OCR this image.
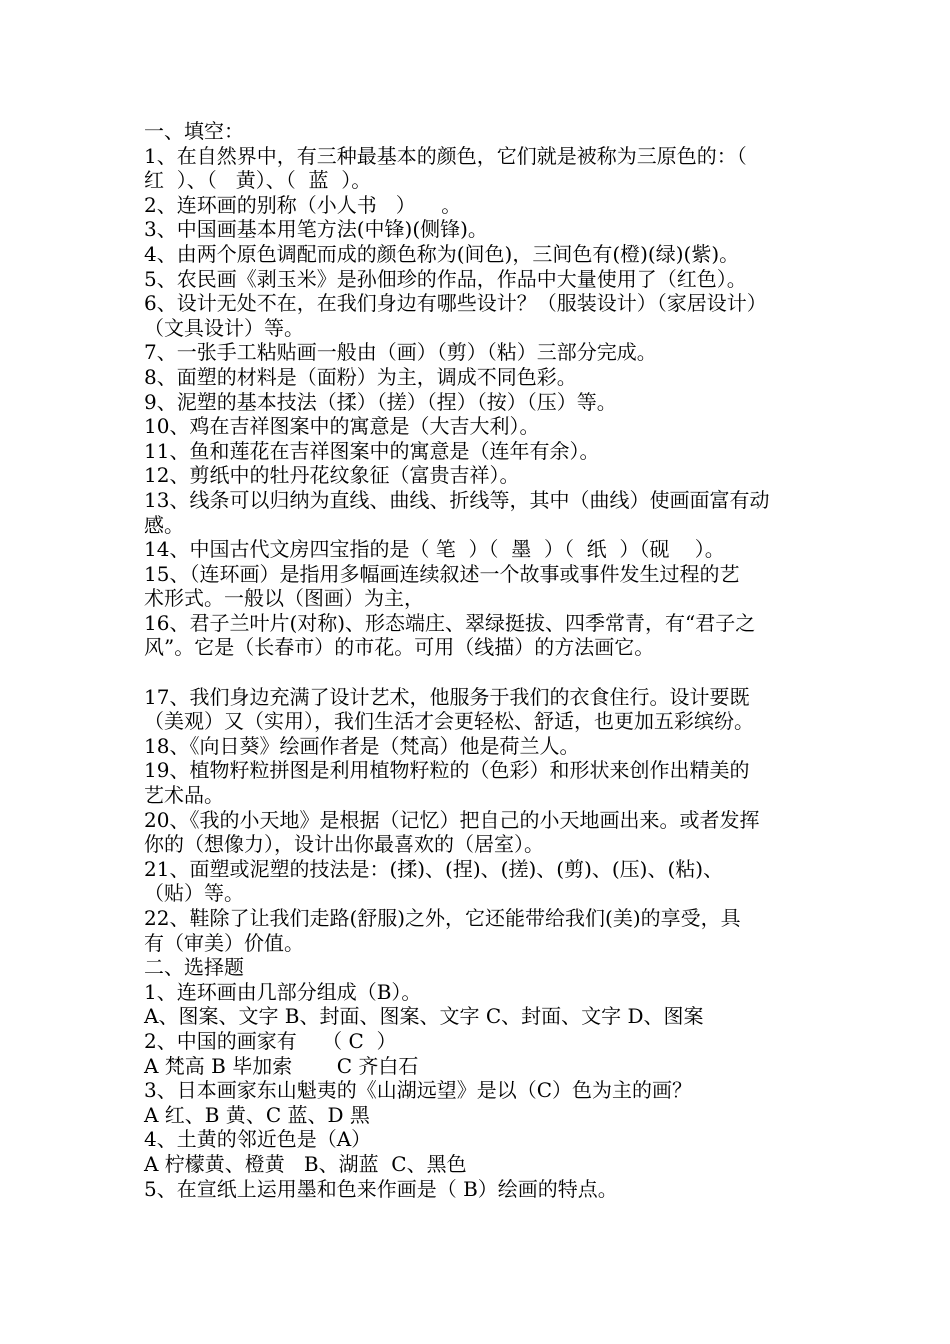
一、填空：
1、在自然界中，有三种最基本的颜色，它们就是被称为三原色的：（
红  ）、（   黄）、（  蓝  ）。
2、连环画的别称（小人书   ）    。
3、中国画基本用笔方法(中锋)(侧锋)。
4、由两个原色调配而成的颜色称为(间色)，三间色有(橙)(绿)(紫)。
5、农民画《剥玉米》是孙佃珍的作品，作品中大量使用了（红色）。
6、设计无处不在，在我们身边有哪些设计？（服装设计）（家居设计）
（文具设计）等。
7、一张手工粘贴画一般由（画）（剪）（粘）三部分完成。
8、面塑的材料是（面粉）为主，调成不同色彩。
9、泥塑的基本技法（揉）（搓）（捏）（按）（压）等。
10、鸡在吉祥图案中的寓意是（大吉大利）。
11、鱼和莲花在吉祥图案中的寓意是（连年有余）。
12、剪纸中的牡丹花纹象征（富贵吉祥）。
13、线条可以归纳为直线、曲线、折线等，其中（曲线）使画面富有动
感。
14、中国古代文房四宝指的是（ 笔  ）（  墨  ）（  纸  ）（砚    ）。
15、（连环画）是指用多幅画连续叙述一个故事或事件发生过程的艺
术形式。一般以（图画）为主，
16、君子兰叶片(对称)、形态端庄、翠绿挺拔、四季常青，有“君子之
风”。它是（长春市）的市花。可用（线描）的方法画它。
17、我们身边充满了设计艺术，他服务于我们的衣食住行。设计要既
（美观）又（实用），我们生活才会更轻松、舒适，也更加五彩缤纷。
18、《向日葵》绘画作者是（梵高）他是荷兰人。
19、植物籽粒拼图是利用植物籽粒的（色彩）和形状来创作出精美的
艺术品。
20、《我的小天地》是根据（记忆）把自己的小天地画出来。或者发挥
你的（想像力），设计出你最喜欢的（居室）。
21、面塑或泥塑的技法是：(揉)、(捏)、(搓)、(剪)、(压)、(粘)、
（贴）等。
22、鞋除了让我们走路(舒服)之外，它还能带给我们(美)的享受，具
有（审美）价值。
二、选择题
1、连环画由几部分组成（B）。
A、图案、文字 B、封面、图案、文字 C、封面、文字 D、图案
2、中国的画家有    （ C  ）
A 梵高 B 毕加索       C 齐白石
3、日本画家东山魁夷的《山湖远望》是以（C）色为主的画？
A 红、B 黄、C 蓝、D 黑
4、土黄的邻近色是（A）
A 柠檬黄、橙黄   B、湖蓝  C、黑色
5、在宣纸上运用墨和色来作画是（ B）绘画的特点。
